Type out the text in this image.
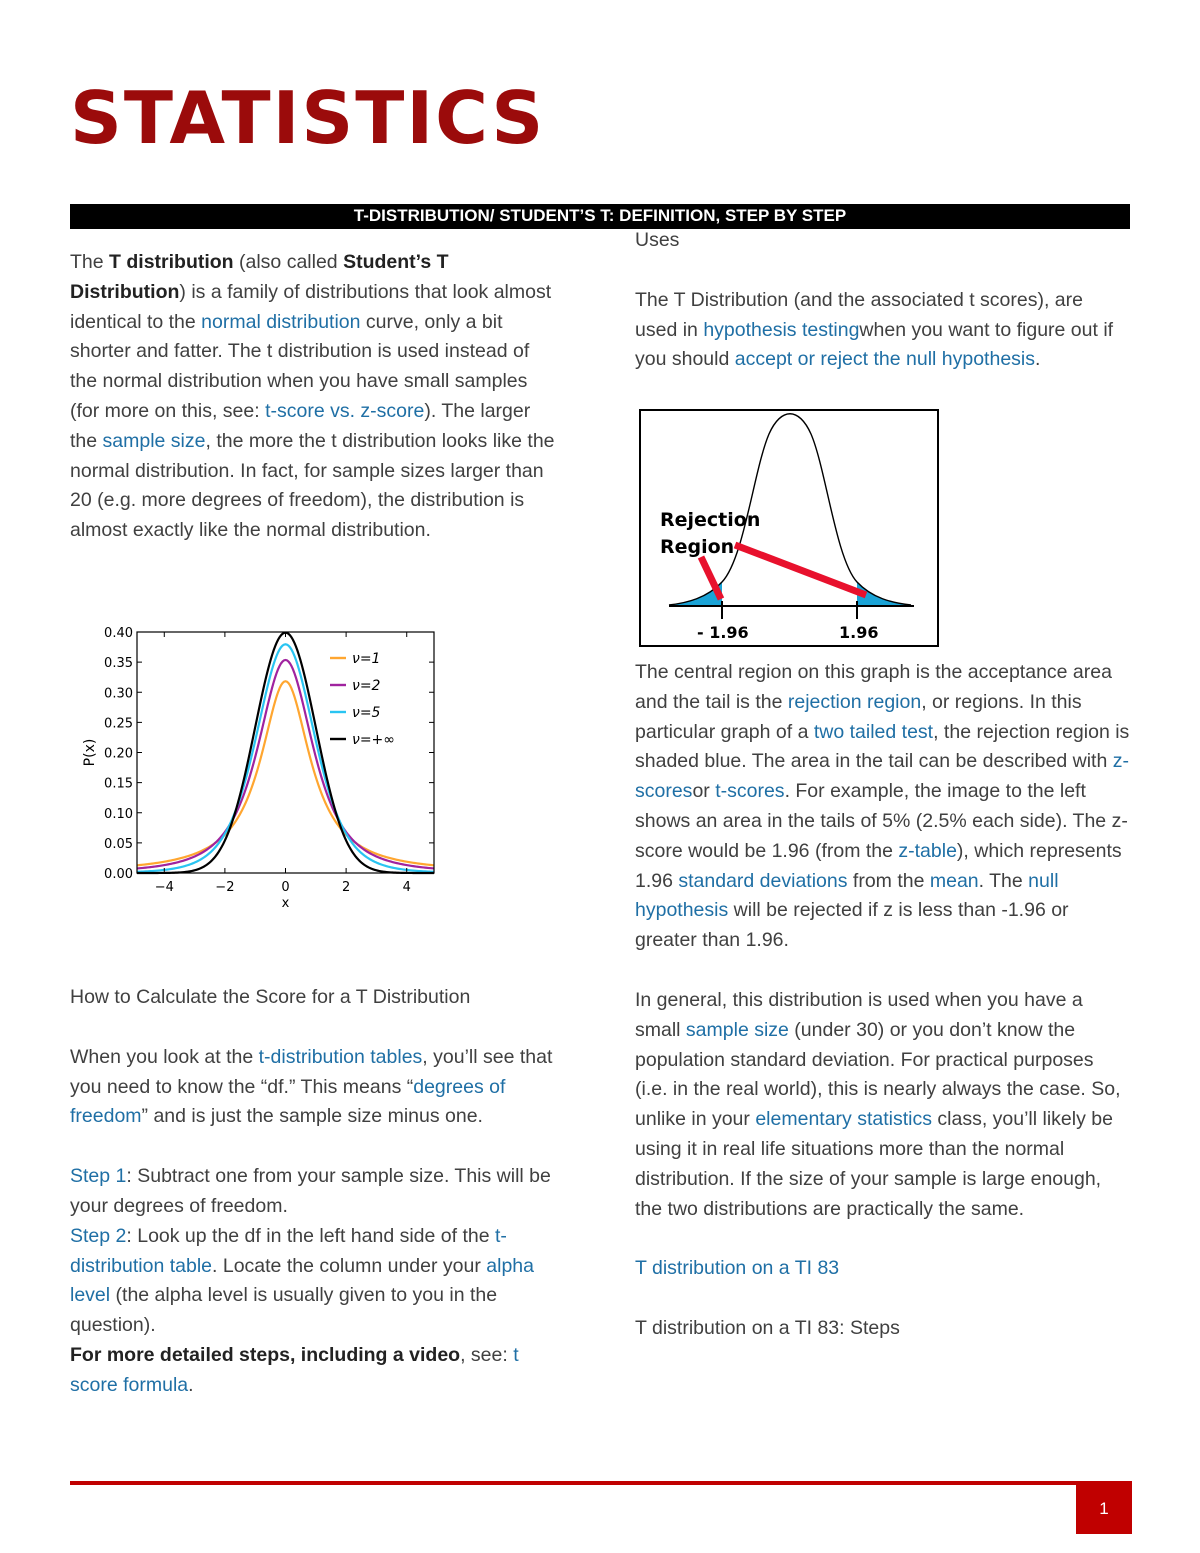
STATISTICS
T-DISTRIBUTION/ STUDENT’S T: DEFINITION, STEP BY STEP

The T distribution (also called Student’s T Distribution) is a family of distributions that look almost identical to the normal distribution curve, only a bit shorter and fatter. The t distribution is used instead of the normal distribution when you have small samples (for more on this, see: t-score vs. z-score). The larger the sample size, the more the t distribution looks like the normal distribution. In fact, for sample sizes larger than 20 (e.g. more degrees of freedom), the distribution is almost exactly like the normal distribution.

0.00
0.05
0.10
0.15
0.20
0.25
0.30
0.35
0.40
−4	−2	0	2	4
x
P(x)
ν=1
ν=2
ν=5
ν=+∞

How to Calculate the Score for a T Distribution

When you look at the t-distribution tables, you’ll see that you need to know the “df.” This means “degrees of freedom” and is just the sample size minus one.

Step 1: Subtract one from your sample size. This will be your degrees of freedom.

Step 2: Look up the df in the left hand side of the t-distribution table. Locate the column under your alpha level (the alpha level is usually given to you in the question).

For more detailed steps, including a video, see: t score formula.

Uses

The T Distribution (and the associated t scores), are used in hypothesis testingwhen you want to figure out if you should accept or reject the null hypothesis.

Rejection
Region
- 1.96	1.96

The central region on this graph is the acceptance area and the tail is the rejection region, or regions. In this particular graph of a two tailed test, the rejection region is shaded blue. The area in the tail can be described with z-scoresor t-scores. For example, the image to the left shows an area in the tails of 5% (2.5% each side). The z-score would be 1.96 (from the z-table), which represents 1.96 standard deviations from the mean. The null hypothesis will be rejected if z is less than -1.96 or greater than 1.96.

In general, this distribution is used when you have a small sample size (under 30) or you don’t know the population standard deviation. For practical purposes (i.e. in the real world), this is nearly always the case. So, unlike in your elementary statistics class, you’ll likely be using it in real life situations more than the normal distribution. If the size of your sample is large enough, the two distributions are practically the same.

T distribution on a TI 83

T distribution on a TI 83: Steps

1
